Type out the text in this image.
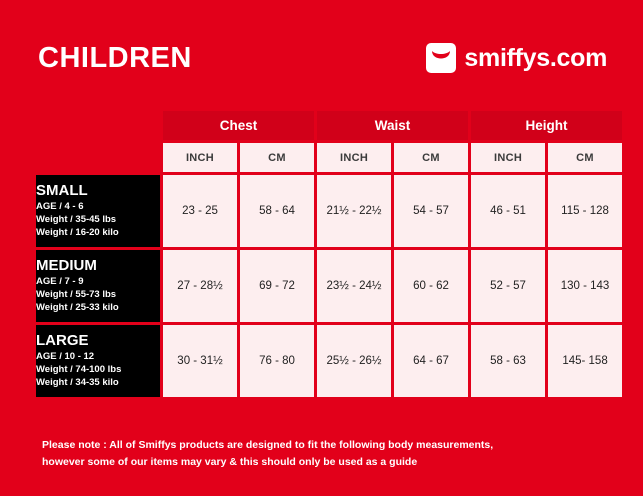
CHILDREN	smiffys.com
	Chest		Waist		Height	
	INCH	CM	INCH	CM	INCH	CM

SMALL
AGE / 4 - 6
Weight / 35-45 lbs
Weight / 16-20 kilo	23 - 25	58 - 64	21½ - 22½	54 - 57	46 - 51	115 - 128

MEDIUM
AGE / 7 - 9
Weight / 55-73 lbs
Weight / 25-33 kilo	27 - 28½	69 - 72	23½ - 24½	60 - 62	52 - 57	130 - 143

LARGE
AGE / 10 - 12
Weight / 74-100 lbs
Weight / 34-35 kilo	30 - 31½	76 - 80	25½ - 26½	64 - 67	58 - 63	145- 158
Please note : All of Smiffys products are designed to fit the following body measurements,
however some of our items may vary & this should only be used as a guide
